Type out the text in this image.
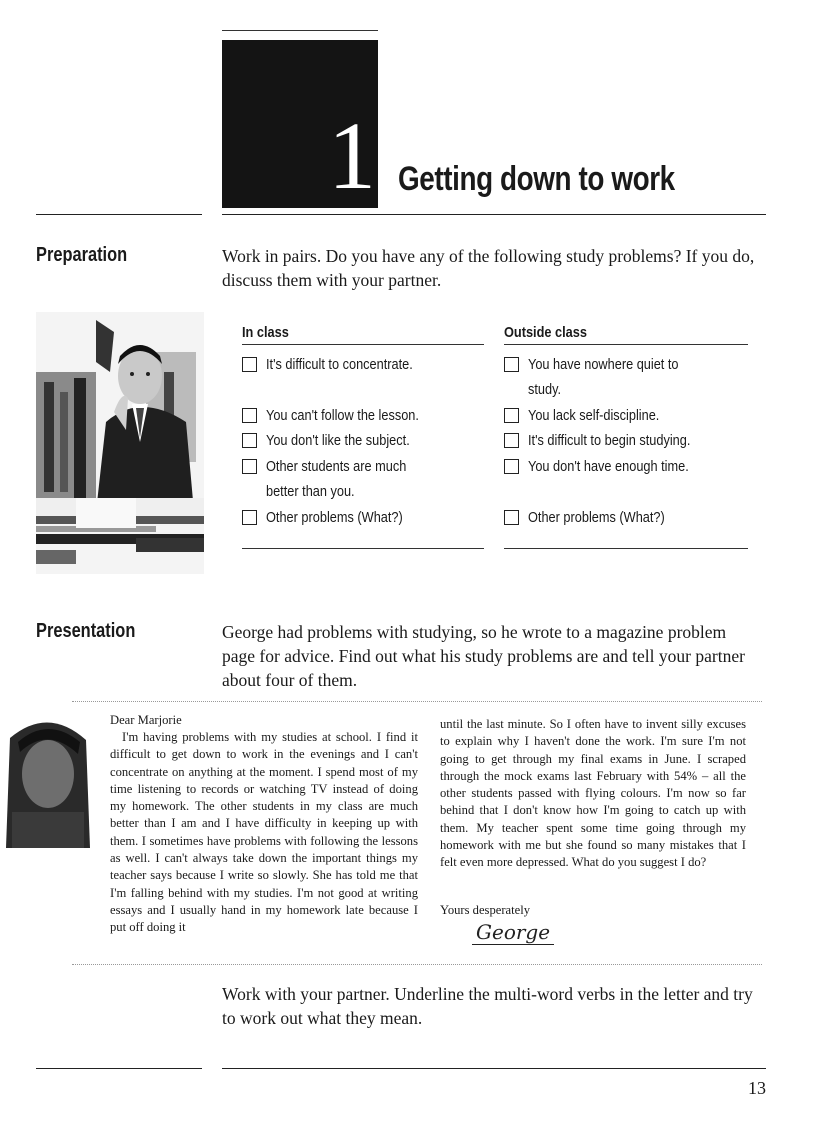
1 Getting down to work
Preparation	Work in pairs. Do you have any of the following study problems? If you do, discuss them with your partner.
In class
It's difficult to concentrate.
You can't follow the lesson.
You don't like the subject.
Other students are much better than you.
Other problems (What?)
Outside class
You have nowhere quiet to study.
You lack self-discipline.
It's difficult to begin studying.
You don't have enough time.
Other problems (What?)
Presentation	George had problems with studying, so he wrote to a magazine problem page for advice. Find out what his study problems are and tell your partner about four of them.
Dear Marjorie
I'm having problems with my studies at school. I find it difficult to get down to work in the evenings and I can't concentrate on anything at the moment. I spend most of my time listening to records or watching TV instead of doing my homework. The other students in my class are much better than I am and I have difficulty in keeping up with them. I sometimes have problems with following the lessons as well. I can't always take down the important things my teacher says because I write so slowly. She has told me that I'm falling behind with my studies. I'm not good at writing essays and I usually hand in my homework late because I put off doing it
until the last minute. So I often have to invent silly excuses to explain why I haven't done the work. I'm sure I'm not going to get through my final exams in June. I scraped through the mock exams last February with 54% – all the other students passed with flying colours. I'm now so far behind that I don't know how I'm going to catch up with them. My teacher spent some time going through my homework with me but she found so many mistakes that I felt even more depressed. What do you suggest I do?
Yours desperately
George
Work with your partner. Underline the multi-word verbs in the letter and try to work out what they mean.
13
